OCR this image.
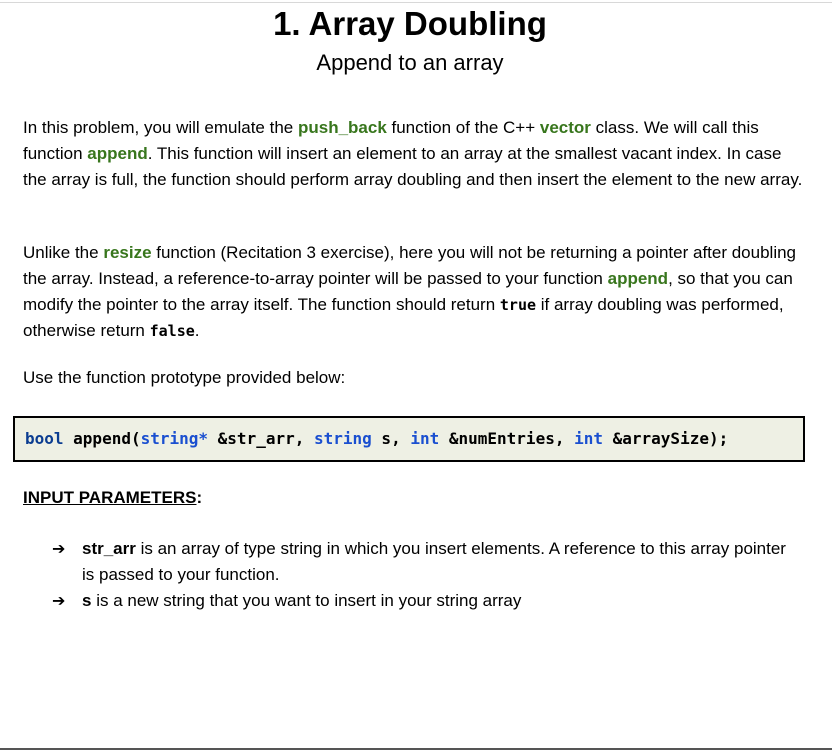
1. Array Doubling
Append to an array
In this problem, you will emulate the push_back function of the C++ vector class. We will call this function append. This function will insert an element to an array at the smallest vacant index. In case the array is full, the function should perform array doubling and then insert the element to the new array.
Unlike the resize function (Recitation 3 exercise), here you will not be returning a pointer after doubling the array. Instead, a reference-to-array pointer will be passed to your function append, so that you can modify the pointer to the array itself. The function should return true if array doubling was performed, otherwise return false.
Use the function prototype provided below:
bool append(string* &str_arr, string s, int &numEntries, int &arraySize);
INPUT PARAMETERS:
➔ str_arr is an array of type string in which you insert elements. A reference to this array pointer is passed to your function.
➔ s is a new string that you want to insert in your string array
